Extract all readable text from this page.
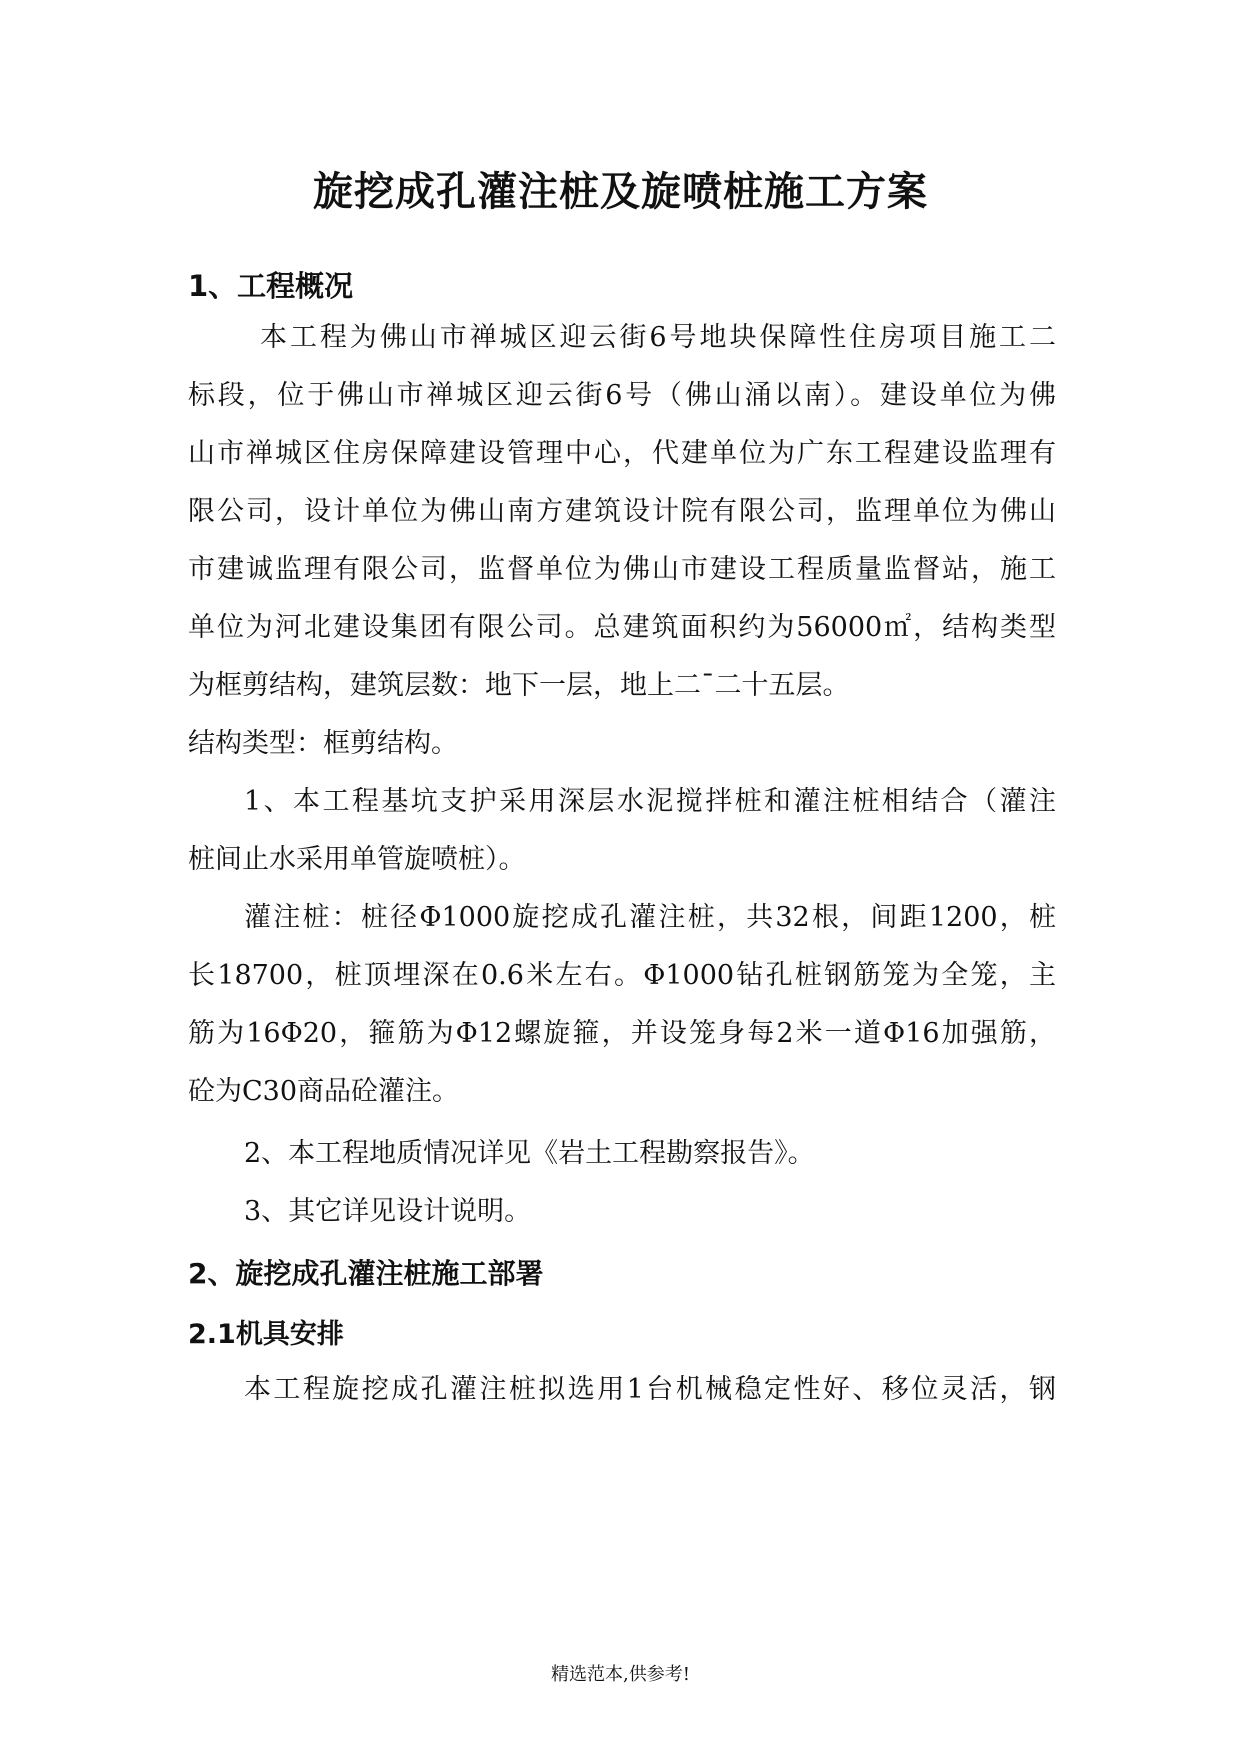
旋挖成孔灌注桩及旋喷桩施工方案
1、工程概况

本工程为佛山市禅城区迎云街6号地块保障性住房项目施工二

标段，位于佛山市禅城区迎云街6号（佛山涌以南）。建设单位为佛

山市禅城区住房保障建设管理中心，代建单位为广东工程建设监理有

限公司，设计单位为佛山南方建筑设计院有限公司，监理单位为佛山

市建诚监理有限公司，监督单位为佛山市建设工程质量监督站，施工

单位为河北建设集团有限公司。总建筑面积约为56000㎡，结构类型

为框剪结构，建筑层数：地下一层，地上二¯二十五层。

结构类型：框剪结构。

1、本工程基坑支护采用深层水泥搅拌桩和灌注桩相结合（灌注

桩间止水采用单管旋喷桩）。

灌注桩：桩径Φ1000旋挖成孔灌注桩，共32根，间距1200，桩

长18700，桩顶埋深在0.6米左右。Φ1000钻孔桩钢筋笼为全笼，主

筋为16Φ20，箍筋为Φ12螺旋箍，并设笼身每2米一道Φ16加强筋，

砼为C30商品砼灌注。

2、本工程地质情况详见《岩土工程勘察报告》。

3、其它详见设计说明。

2、旋挖成孔灌注桩施工部署
2.1机具安排

本工程旋挖成孔灌注桩拟选用1台机械稳定性好、移位灵活，钢

精选范本,供参考!
